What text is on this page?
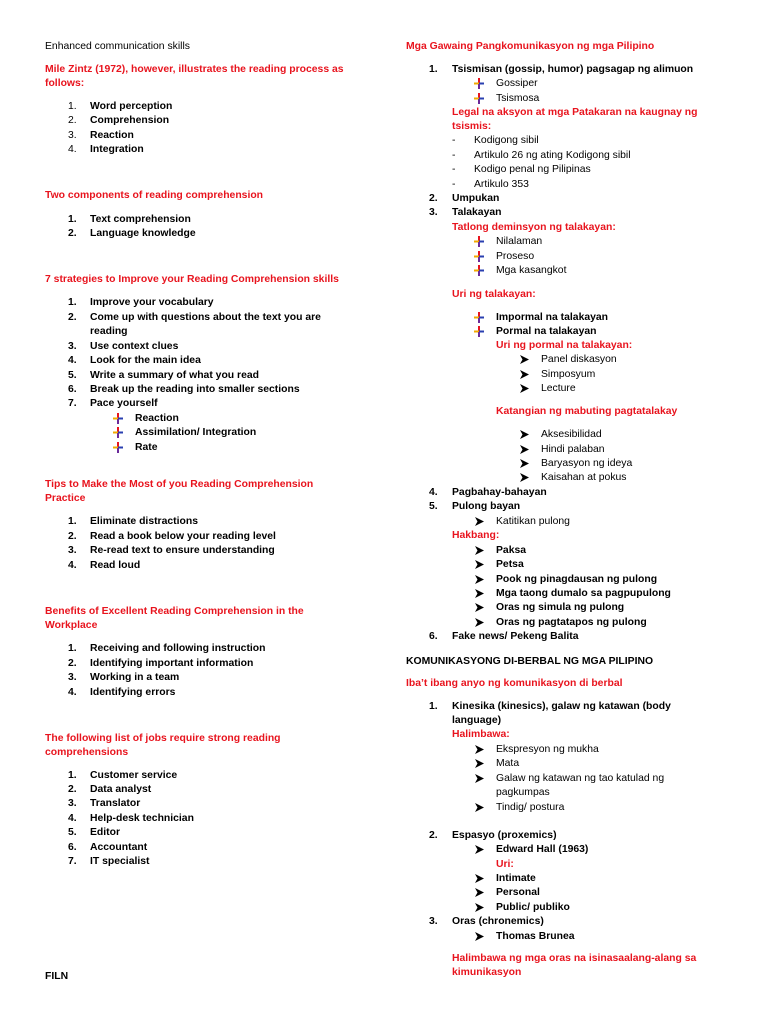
Enhanced communication skills
Mile Zintz (1972), however, illustrates the reading process as
follows:
1. Word perception
2. Comprehension
3. Reaction
4. Integration
Two components of reading comprehension
1. Text comprehension
2. Language knowledge
7 strategies to Improve your Reading Comprehension skills
1. Improve your vocabulary
2. Come up with questions about the text you are
reading
3. Use context clues
4. Look for the main idea
5. Write a summary of what you read
6. Break up the reading into smaller sections
7. Pace yourself
Reaction
Assimilation/ Integration
Rate
Tips to Make the Most of you Reading Comprehension
Practice
1. Eliminate distractions
2. Read a book below your reading level
3. Re-read text to ensure understanding
4. Read loud
Benefits of Excellent Reading Comprehension in the
Workplace
1. Receiving and following instruction
2. Identifying important information
3. Working in a team
4. Identifying errors
The following list of jobs require strong reading
comprehensions
1. Customer service
2. Data analyst
3. Translator
4. Help-desk technician
5. Editor
6. Accountant
7. IT specialist
FILN
Mga Gawaing Pangkomunikasyon ng mga Pilipino
1. Tsismisan (gossip, humor) pagsagap ng alimuon
Gossiper
Tsismosa
Legal na aksyon at mga Patakaran na kaugnay ng
tsismis:
- Kodigong sibil
- Artikulo 26 ng ating Kodigong sibil
- Kodigo penal ng Pilipinas
- Artikulo 353
2. Umpukan
3. Talakayan
Tatlong deminsyon ng talakayan:
Nilalaman
Proseso
Mga kasangkot
Uri ng talakayan:
Impormal na talakayan
Pormal na talakayan
Uri ng pormal na talakayan:
Panel diskasyon
Simposyum
Lecture
Katangian ng mabuting pagtatalakay
Aksesibilidad
Hindi palaban
Baryasyon ng ideya
Kaisahan at pokus
4. Pagbahay-bahayan
5. Pulong bayan
Katitikan pulong
Hakbang:
Paksa
Petsa
Pook ng pinagdausan ng pulong
Mga taong dumalo sa pagpupulong
Oras ng simula ng pulong
Oras ng pagtatapos ng pulong
6. Fake news/ Pekeng Balita
KOMUNIKASYONG DI-BERBAL NG MGA PILIPINO
Iba’t ibang anyo ng komunikasyon di berbal
1. Kinesika (kinesics), galaw ng katawan (body
language)
Halimbawa:
Ekspresyon ng mukha
Mata
Galaw ng katawan ng tao katulad ng
pagkumpas
Tindig/ postura
2. Espasyo (proxemics)
Edward Hall (1963)
Uri:
Intimate
Personal
Public/ publiko
3. Oras (chronemics)
Thomas Brunea
Halimbawa ng mga oras na isinasaalang-alang sa
kimunikasyon
